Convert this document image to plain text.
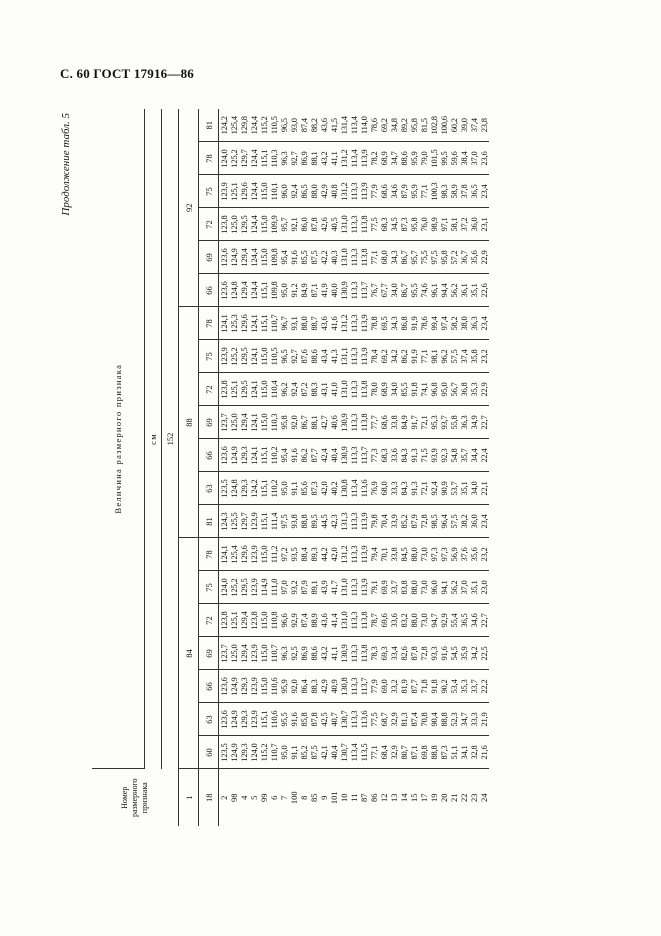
С. 60 ГОСТ 17916—86

Продолжение табл. 5
Номер размерного признака	Величина размерного признака																			
	см																			
	152																			
1	84							88							92					
18	60	63	66	69	72	75	78	81	63	66	69	72	75	78	66	69	72	75	78	81
2	123,5	123,6	123,6	123,7	123,8	124,0	124,1	124,3	123,5	123,6	123,7	123,8	123,9	124,1	123,6	123,6	123,8	123,9	124,0	124,2
98	124,9	124,9	124,9	125,0	125,1	125,2	125,4	125,5	124,8	124,9	125,0	125,1	125,2	125,3	124,8	124,9	125,0	125,1	125,2	125,4
4	129,3	129,3	129,3	129,4	129,4	129,5	129,6	129,7	129,3	129,3	129,4	129,5	129,5	129,6	129,4	129,4	129,5	129,6	129,7	129,8
5	124,0	123,9	123,9	123,9	123,8	123,9	123,9	123,9	124,2	124,1	124,1	124,1	124,1	124,1	124,4	124,4	124,4	124,4	124,4	124,4
99	115,2	115,1	115,0	115,0	115,0	114,9	115,0	115,1	115,1	115,1	115,0	115,0	115,0	115,1	115,1	115,0	115,0	115,0	115,1	115,2
6	110,7	110,6	110,6	110,7	110,8	111,0	111,2	111,4	110,2	110,2	110,3	110,4	110,5	110,7	109,8	109,8	109,9	110,1	110,3	110,5
7	95,0	95,5	95,9	96,3	96,6	97,0	97,2	97,5	95,0	95,4	95,8	96,2	96,5	96,7	95,0	95,4	95,7	96,0	96,3	96,5
100	91,1	91,6	92,0	92,5	92,9	93,2	93,5	93,8	91,1	91,6	92,0	92,4	92,7	93,1	91,2	91,6	92,1	92,4	92,7	93,0
8	85,2	85,8	86,4	86,9	87,4	87,9	88,4	88,8	85,6	86,2	86,7	87,2	87,6	88,0	84,9	85,5	86,0	86,5	86,9	87,4
85	87,5	87,8	88,3	88,6	88,9	89,1	89,3	89,5	87,3	87,7	88,1	88,3	88,6	88,7	87,1	87,5	87,8	88,0	88,1	88,2
9	42,1	42,5	42,9	43,2	43,6	43,9	44,2	44,5	42,0	42,4	42,7	43,1	43,4	43,6	41,9	42,2	42,6	42,9	43,2	43,6
101	40,4	40,7	40,9	41,1	41,4	41,7	42,0	42,3	40,2	40,4	40,6	41,0	41,3	41,6	40,0	40,3	40,5	40,8	41,1	41,5
10	130,7	130,7	130,8	130,9	131,0	131,0	131,2	131,3	130,8	130,9	130,9	131,0	131,1	131,2	130,9	131,0	131,0	131,2	131,2	131,4
11	113,4	113,3	113,3	113,3	113,3	113,3	113,3	113,3	113,4	113,3	113,3	113,3	113,3	113,3	113,3	113,3	113,3	113,3	113,4	113,4
87	113,5	113,6	113,7	113,8	113,8	113,9	113,9	113,9	113,6	113,7	113,8	113,8	113,9	113,9	113,7	113,8	113,8	113,9	113,9	114,0
86	77,1	77,5	77,9	78,3	78,7	79,1	79,4	79,8	76,9	77,3	77,7	78,0	78,4	78,8	76,7	77,1	77,5	77,9	78,2	78,6
12	68,4	68,7	69,0	69,3	69,6	69,9	70,1	70,4	68,0	68,3	68,6	68,9	69,2	69,5	67,7	68,0	68,3	68,6	68,9	69,2
13	32,9	32,9	33,2	33,4	33,6	33,7	33,8	33,9	33,3	33,6	33,8	34,0	34,2	34,3	34,0	34,3	34,5	34,6	34,7	34,8
14	80,7	81,3	81,9	82,6	83,2	83,8	84,5	85,2	84,3	84,3	84,9	85,5	86,2	86,8	86,7	86,7	87,3	87,9	88,6	89,2
15	87,1	87,4	87,7	87,8	88,0	88,0	88,0	87,9	91,3	91,3	91,7	91,8	91,9	91,9	95,5	95,7	95,8	95,9	95,9	95,8
17	69,8	70,8	71,8	72,8	73,0	73,0	73,0	72,8	72,1	71,5	72,1	74,1	77,1	78,6	74,6	75,5	76,0	77,1	79,0	81,5
19	88,8	90,4	91,8	93,3	94,7	96,0	97,3	98,5	92,4	93,9	95,3	96,8	98,1	99,4	96,1	97,5	98,9	100,3	101,5	102,8
20	87,3	88,8	90,2	91,6	92,9	94,1	97,3	96,4	90,9	92,3	93,7	95,0	96,2	97,4	94,4	95,8	97,1	98,3	99,5	100,6
21	51,1	52,3	53,4	54,5	55,4	56,2	56,9	57,5	53,7	54,8	55,8	56,7	57,5	58,2	56,2	57,2	58,1	58,9	59,6	60,2
22	34,1	34,7	35,3	35,9	36,5	37,0	37,6	38,2	35,1	35,7	36,3	36,8	37,4	38,0	36,1	36,7	37,2	37,8	38,4	39,0
23	32,8	33,3	33,7	34,2	34,6	35,1	35,6	36,0	34,0	34,4	34,9	35,3	35,8	36,3	35,1	35,6	36,0	36,5	37,0	37,4
24	21,6	21,9	22,2	22,5	22,7	23,0	23,2	23,4	22,1	22,4	22,7	22,9	23,2	23,4	22,6	22,9	23,1	23,4	23,6	23,8
